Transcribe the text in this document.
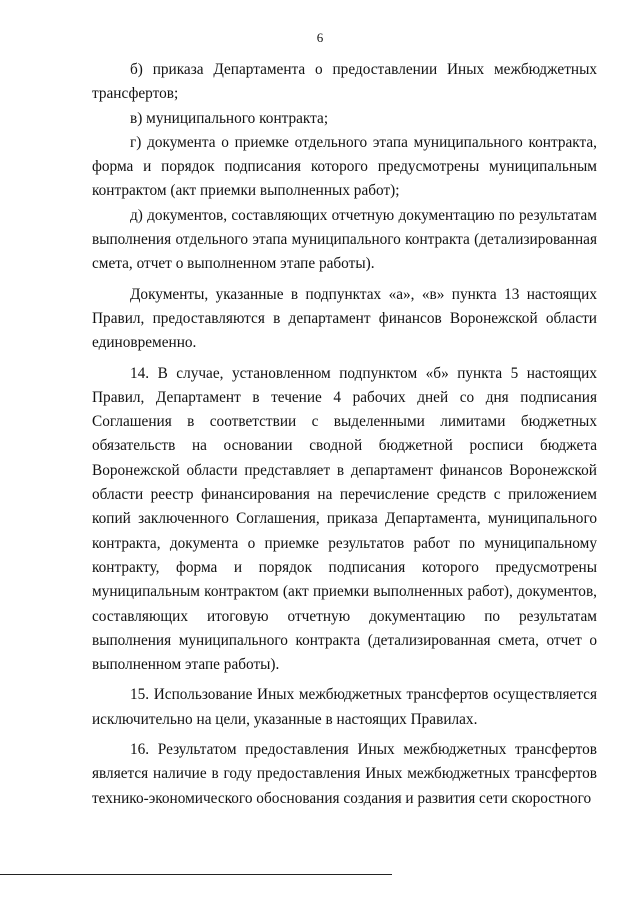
6

б) приказа Департамента о предоставлении Иных межбюджетных трансфертов;

в) муниципального контракта;

г) документа о приемке отдельного этапа муниципального контракта, форма и порядок подписания которого предусмотрены муниципальным контрактом (акт приемки выполненных работ);

д) документов, составляющих отчетную документацию по результатам выполнения отдельного этапа муниципального контракта (детализированная смета, отчет о выполненном этапе работы).

Документы, указанные в подпунктах «а», «в» пункта 13 настоящих Правил, предоставляются в департамент финансов Воронежской области единовременно.

14. В случае, установленном подпунктом «б» пункта 5 настоящих Правил, Департамент в течение 4 рабочих дней со дня подписания Соглашения в соответствии с выделенными лимитами бюджетных обязательств на основании сводной бюджетной росписи бюджета Воронежской области представляет в департамент финансов Воронежской области реестр финансирования на перечисление средств с приложением копий заключенного Соглашения, приказа Департамента, муниципального контракта, документа о приемке результатов работ по муниципальному контракту, форма и порядок подписания которого предусмотрены муниципальным контрактом (акт приемки выполненных работ), документов, составляющих итоговую отчетную документацию по результатам выполнения муниципального контракта (детализированная смета, отчет о выполненном этапе работы).

15. Использование Иных межбюджетных трансфертов осуществляется исключительно на цели, указанные в настоящих Правилах.

16. Результатом предоставления Иных межбюджетных трансфертов является наличие в году предоставления Иных межбюджетных трансфертов технико-экономического обоснования создания и развития сети скоростного
